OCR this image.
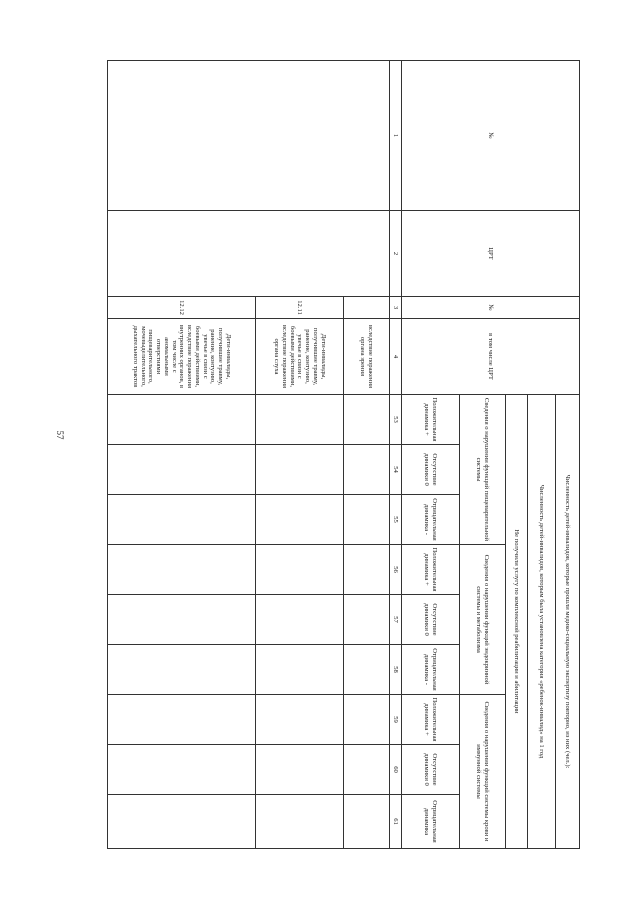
57
№	ЦРТ	№	в том числе ЦРТ	Численность детей-инвалидов, которые прошли медико-социальную экспертизу повторно, из них (чел.):								
				Численность детей-инвалидов, которым была установлена категория «ребенок-инвалид» на 1 год								
				Не получили услугу по комплексной реабилитации и абилитации								
				Сведения о нарушении функций пищеварительной системы			Сведения о нарушении функций эндокринной системы и метаболизма			Сведения о нарушении функций системы крови и иммунной системы		
				Положительная динамика +	Отсутствие динамики 0	Отрицательная динамика -	Положительная динамика +	Отсутствие динамики 0	Отрицательная динамика -	Положительная динамика +	Отсутствие динамики 0	Отрицательная динамика
1	2	3	4	53	54	55	56	57	58	59	60	61
			вследствие поражения органа зрения									
		12.11	Дети-инвалиды, получившие травму, ранение, контузию, увечье в связи с боевыми действиями, вследствие поражения органа слуха									
		12.12	Дети-инвалиды, получившие травму, ранение, контузию, увечье в связи с боевыми действиями, вследствие поражения внутренних органов, в том числе с аномальными отверстиями пищеварительного, мочевыделительного, дыхательного трактов									
